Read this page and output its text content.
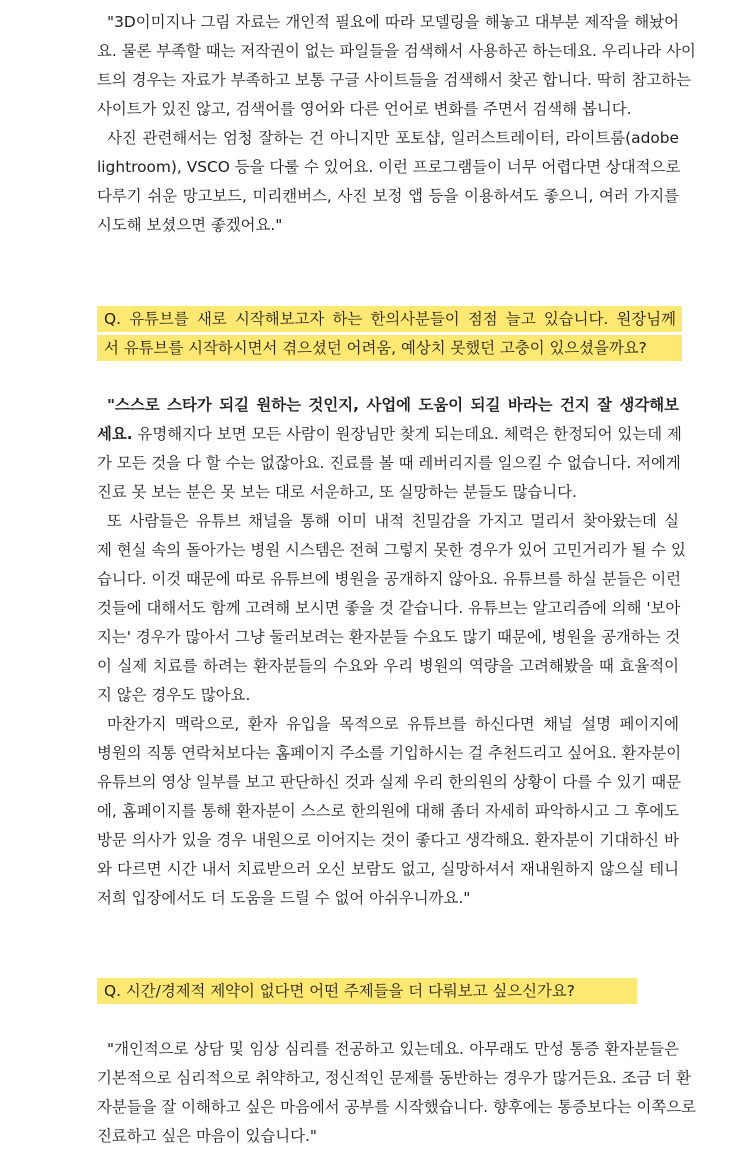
"3D이미지나 그림 자료는 개인적 필요에 따라 모델링을 해놓고 대부분 제작을 해놨어
요. 물론 부족할 때는 저작권이 없는 파일들을 검색해서 사용하곤 하는데요. 우리나라 사이
트의 경우는 자료가 부족하고 보통 구글 사이트들을 검색해서 찾곤 합니다. 딱히 참고하는
사이트가 있진 않고, 검색어를 영어와 다른 언어로 변화를 주면서 검색해 봅니다.
사진 관련해서는 엄청 잘하는 건 아니지만 포토샵, 일러스트레이터, 라이트룸(adobe
lightroom), VSCO 등을 다룰 수 있어요. 이런 프로그램들이 너무 어렵다면 상대적으로
다루기 쉬운 망고보드, 미리캔버스, 사진 보정 앱 등을 이용하셔도 좋으니, 여러 가지를
시도해 보셨으면 좋겠어요."
Q. 유튜브를 새로 시작해보고자 하는 한의사분들이 점점 늘고 있습니다. 원장님께
서 유튜브를 시작하시면서 겪으셨던 어려움, 예상치 못했던 고충이 있으셨을까요?
"스스로 스타가 되길 원하는 것인지, 사업에 도움이 되길 바라는 건지 잘 생각해보
세요. 유명해지다 보면 모든 사람이 원장님만 찾게 되는데요. 체력은 한정되어 있는데 제
가 모든 것을 다 할 수는 없잖아요. 진료를 볼 때 레버리지를 일으킬 수 없습니다. 저에게
진료 못 보는 분은 못 보는 대로 서운하고, 또 실망하는 분들도 많습니다.
또 사람들은 유튜브 채널을 통해 이미 내적 친밀감을 가지고 멀리서 찾아왔는데 실
제 현실 속의 돌아가는 병원 시스템은 전혀 그렇지 못한 경우가 있어 고민거리가 될 수 있
습니다. 이것 때문에 따로 유튜브에 병원을 공개하지 않아요. 유튜브를 하실 분들은 이런
것들에 대해서도 함께 고려해 보시면 좋을 것 같습니다. 유튜브는 알고리즘에 의해 '보아
지는' 경우가 많아서 그냥 둘러보려는 환자분들 수요도 많기 때문에, 병원을 공개하는 것
이 실제 치료를 하려는 환자분들의 수요와 우리 병원의 역량을 고려해봤을 때 효율적이
지 않은 경우도 많아요.
마찬가지 맥락으로, 환자 유입을 목적으로 유튜브를 하신다면 채널 설명 페이지에
병원의 직통 연락처보다는 홈페이지 주소를 기입하시는 걸 추천드리고 싶어요. 환자분이
유튜브의 영상 일부를 보고 판단하신 것과 실제 우리 한의원의 상황이 다를 수 있기 때문
에, 홈페이지를 통해 환자분이 스스로 한의원에 대해 좀더 자세히 파악하시고 그 후에도
방문 의사가 있을 경우 내원으로 이어지는 것이 좋다고 생각해요. 환자분이 기대하신 바
와 다르면 시간 내서 치료받으러 오신 보람도 없고, 실망하셔서 재내원하지 않으실 테니
저희 입장에서도 더 도움을 드릴 수 없어 아쉬우니까요."
Q. 시간/경제적 제약이 없다면 어떤 주제들을 더 다뤄보고 싶으신가요?
"개인적으로 상담 및 임상 심리를 전공하고 있는데요. 아무래도 만성 통증 환자분들은
기본적으로 심리적으로 취약하고, 정신적인 문제를 동반하는 경우가 많거든요. 조금 더 환
자분들을 잘 이해하고 싶은 마음에서 공부를 시작했습니다. 향후에는 통증보다는 이쪽으로
진료하고 싶은 마음이 있습니다."
